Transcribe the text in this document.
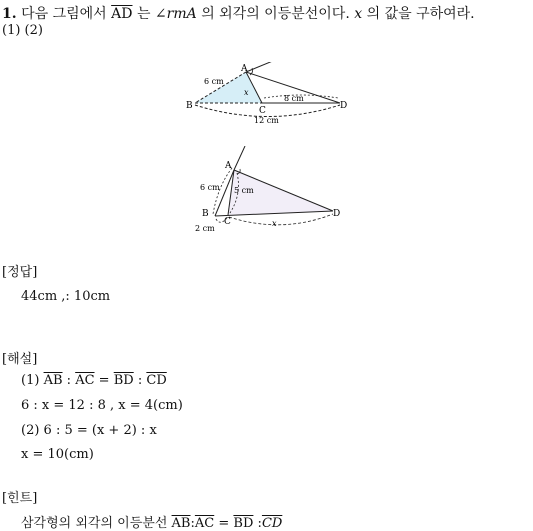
1. 다음 그림에서 $\overline{AD}$ 는 ∠rmA 의 외각의 이등분선이다. x 의 값을 구하여라.
(1) (2)
A
B	C	D
6 cm
8 cm
12 cm
x
A
B
C
D
6 cm 5 cm
2 cm
x
[정답]
44cm ,: 10cm
[해설]
(1) $\overline{AB}$ : $\overline{AC} = \overline{BD}$ : $\overline{CD}$
6 : x = 12 : 8 , x = 4(cm)
(2) 6 : 5 = (x + 2) : x
x = 10(cm)
[힌트]
삼각형의 외각의 이등분선 $\overline{AB}:\overline{AC} = \overline{BD}$ $:\overline{CD}$
